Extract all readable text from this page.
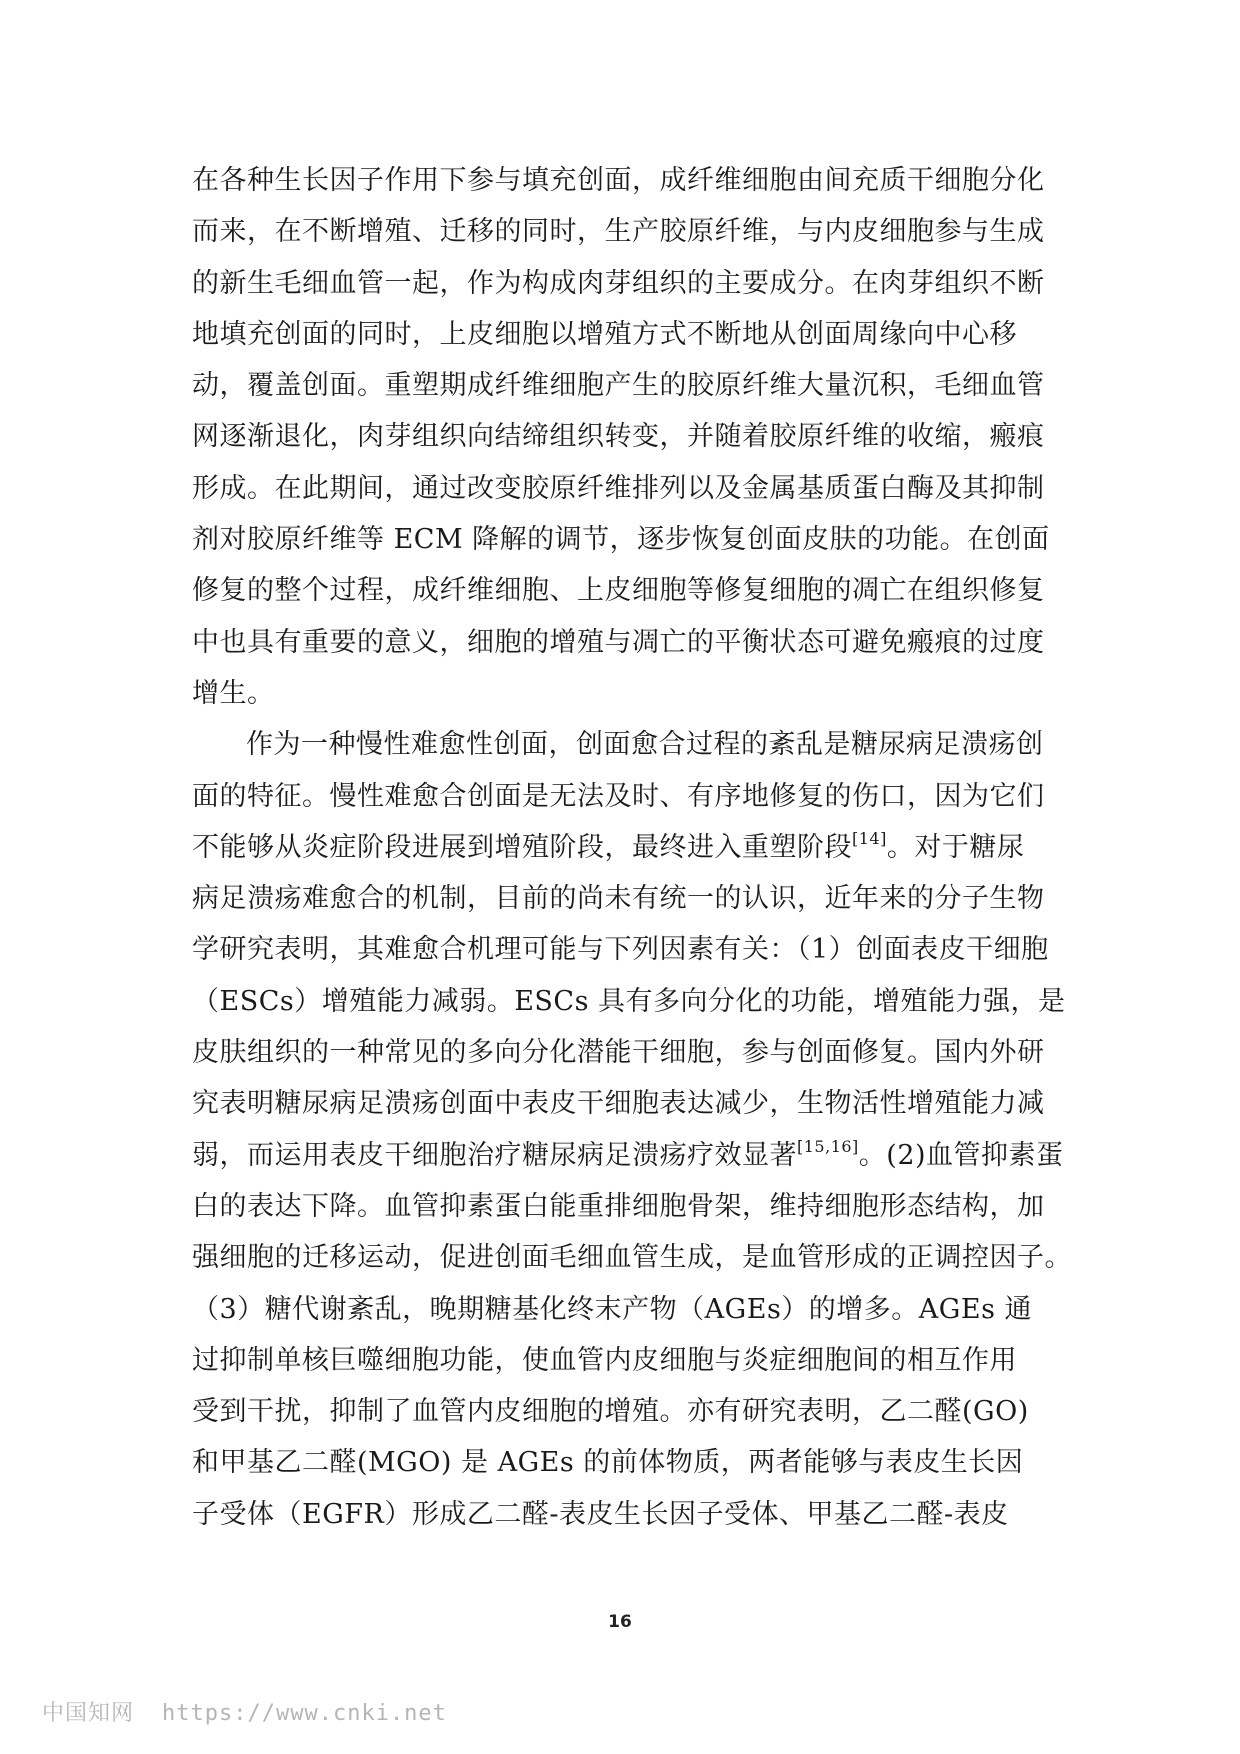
在各种生长因子作用下参与填充创面，成纤维细胞由间充质干细胞分化
而来，在不断增殖、迁移的同时，生产胶原纤维，与内皮细胞参与生成
的新生毛细血管一起，作为构成肉芽组织的主要成分。在肉芽组织不断
地填充创面的同时，上皮细胞以增殖方式不断地从创面周缘向中心移
动，覆盖创面。重塑期成纤维细胞产生的胶原纤维大量沉积，毛细血管
网逐渐退化，肉芽组织向结缔组织转变，并随着胶原纤维的收缩，瘢痕
形成。在此期间，通过改变胶原纤维排列以及金属基质蛋白酶及其抑制
剂对胶原纤维等 ECM 降解的调节，逐步恢复创面皮肤的功能。在创面
修复的整个过程，成纤维细胞、上皮细胞等修复细胞的凋亡在组织修复
中也具有重要的意义，细胞的增殖与凋亡的平衡状态可避免瘢痕的过度
增生。
作为一种慢性难愈性创面，创面愈合过程的紊乱是糖尿病足溃疡创
面的特征。慢性难愈合创面是无法及时、有序地修复的伤口，因为它们
不能够从炎症阶段进展到增殖阶段，最终进入重塑阶段[14]。对于糖尿
病足溃疡难愈合的机制，目前的尚未有统一的认识，近年来的分子生物
学研究表明，其难愈合机理可能与下列因素有关：（1）创面表皮干细胞
（ESCs）增殖能力减弱。ESCs 具有多向分化的功能，增殖能力强，是
皮肤组织的一种常见的多向分化潜能干细胞，参与创面修复。国内外研
究表明糖尿病足溃疡创面中表皮干细胞表达减少，生物活性增殖能力减
弱，而运用表皮干细胞治疗糖尿病足溃疡疗效显著[15,16]。(2)血管抑素蛋
白的表达下降。血管抑素蛋白能重排细胞骨架，维持细胞形态结构，加
强细胞的迁移运动，促进创面毛细血管生成，是血管形成的正调控因子。
（3）糖代谢紊乱，晚期糖基化终末产物（AGEs）的增多。AGEs 通
过抑制单核巨噬细胞功能，使血管内皮细胞与炎症细胞间的相互作用
受到干扰，抑制了血管内皮细胞的增殖。亦有研究表明，乙二醛(GO)
和甲基乙二醛(MGO) 是 AGEs 的前体物质，两者能够与表皮生长因
子受体（EGFR）形成乙二醛-表皮生长因子受体、甲基乙二醛-表皮
16
中国知网 https://www.cnki.net
